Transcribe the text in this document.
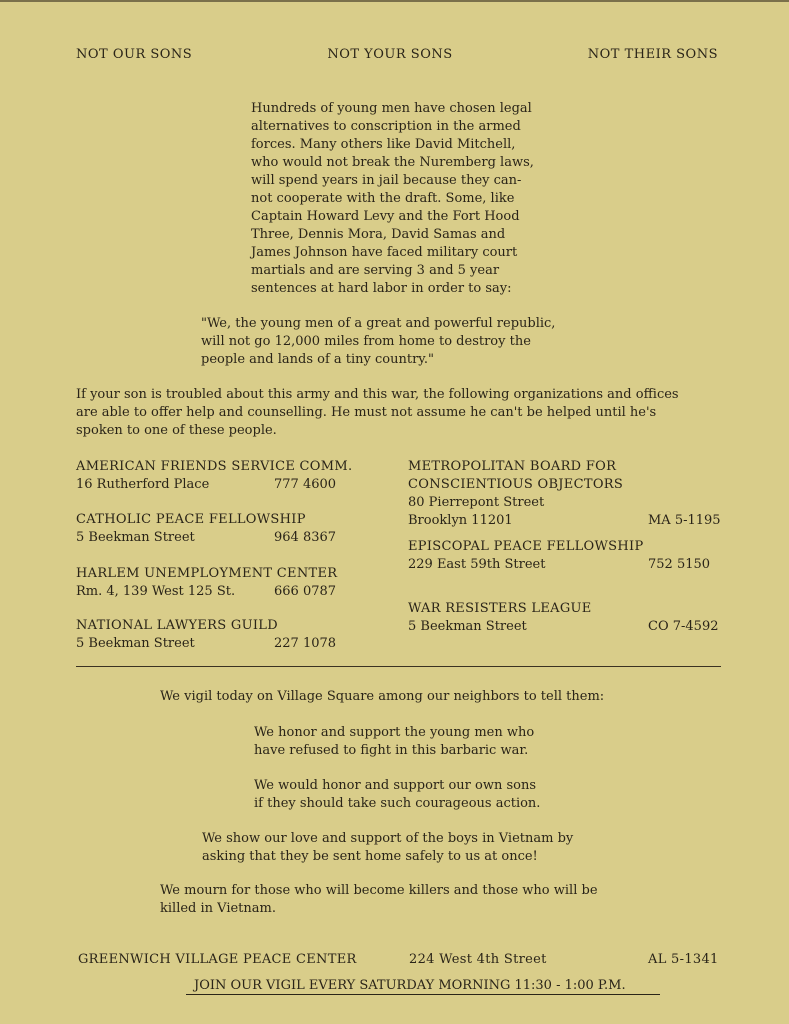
NOT OUR SONS	NOT YOUR SONS	NOT THEIR SONS
Hundreds of young men have chosen legal
alternatives to conscription in the armed
forces. Many others like David Mitchell,
who would not break the Nuremberg laws,
will spend years in jail because they can-
not cooperate with the draft. Some, like
Captain Howard Levy and the Fort Hood
Three, Dennis Mora, David Samas and
James Johnson have faced military court
martials and are serving 3 and 5 year
sentences at hard labor in order to say:
"We, the young men of a great and powerful republic,
will not go 12,000 miles from home to destroy the
people and lands of a tiny country."
If your son is troubled about this army and this war, the following organizations and offices
are able to offer help and counselling. He must not assume he can't be helped until he's
spoken to one of these people.
AMERICAN FRIENDS SERVICE COMM.
16 Rutherford Place	777 4600
CATHOLIC PEACE FELLOWSHIP
5 Beekman Street	964 8367
HARLEM UNEMPLOYMENT CENTER
Rm. 4, 139 West 125 St.	666 0787
NATIONAL LAWYERS GUILD
5 Beekman Street	227 1078
METROPOLITAN BOARD FOR
CONSCIENTIOUS OBJECTORS
80 Pierrepont Street
Brooklyn 11201	MA 5-1195
EPISCOPAL PEACE FELLOWSHIP
229 East 59th Street	752 5150
WAR RESISTERS LEAGUE
5 Beekman Street	CO 7-4592
We vigil today on Village Square among our neighbors to tell them:
We honor and support the young men who
have refused to fight in this barbaric war.
We would honor and support our own sons
if they should take such courageous action.
We show our love and support of the boys in Vietnam by
asking that they be sent home safely to us at once!
We mourn for those who will become killers and those who will be
killed in Vietnam.
GREENWICH VILLAGE PEACE CENTER	224 West 4th Street	AL 5-1341
JOIN OUR VIGIL EVERY SATURDAY MORNING 11:30 - 1:00 P.M.
